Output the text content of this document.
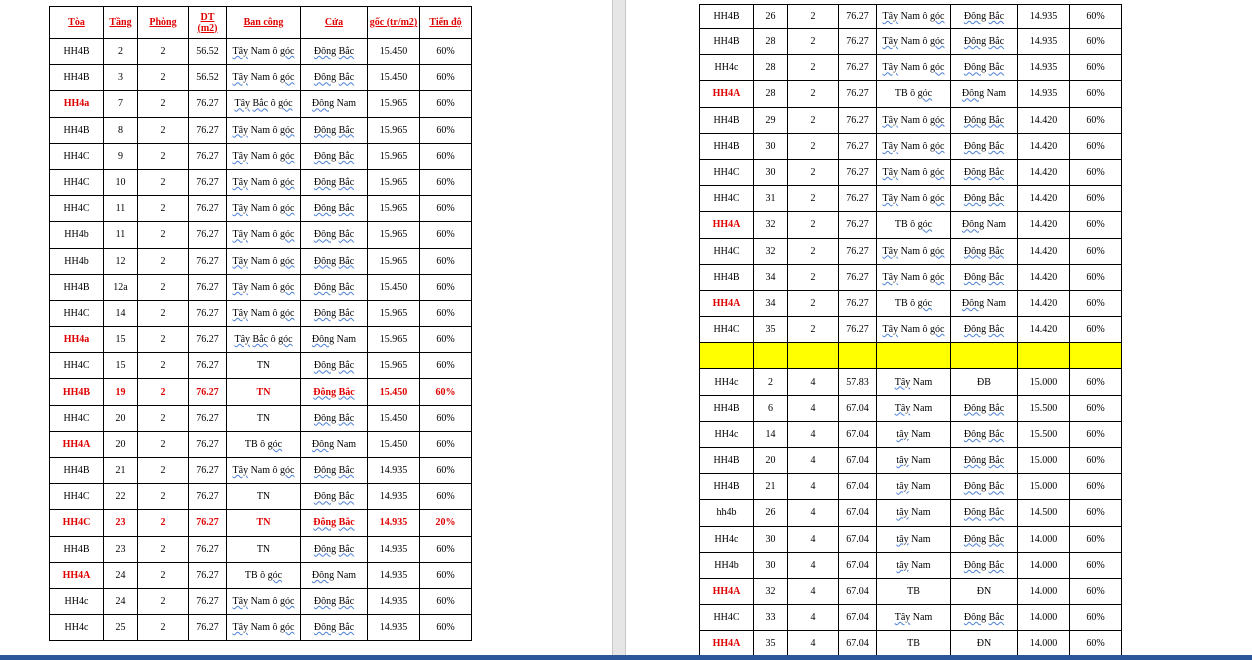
Tòa	Tầng	Phòng	DT (m2)	Ban công	Cửa	gốc (tr/m2)	Tiến độ
HH4B	2	2	56.52	Tây Nam ô góc	Đông Bắc	15.450	60%
HH4B	3	2	56.52	Tây Nam ô góc	Đông Bắc	15.450	60%
HH4a	7	2	76.27	Tây Bắc ô góc	Đông Nam	15.965	60%
HH4B	8	2	76.27	Tây Nam ô góc	Đông Bắc	15.965	60%
HH4C	9	2	76.27	Tây Nam ô góc	Đông Bắc	15.965	60%
HH4C	10	2	76.27	Tây Nam ô góc	Đông Bắc	15.965	60%
HH4C	11	2	76.27	Tây Nam ô góc	Đông Bắc	15.965	60%
HH4b	11	2	76.27	Tây Nam ô góc	Đông Bắc	15.965	60%
HH4b	12	2	76.27	Tây Nam ô góc	Đông Bắc	15.965	60%
HH4B	12a	2	76.27	Tây Nam ô góc	Đông Bắc	15.450	60%
HH4C	14	2	76.27	Tây Nam ô góc	Đông Bắc	15.965	60%
HH4a	15	2	76.27	Tây Bắc ô góc	Đông Nam	15.965	60%
HH4C	15	2	76.27	TN	Đông Bắc	15.965	60%
HH4B	19	2	76.27	TN	Đông Bắc	15.450	60%
HH4C	20	2	76.27	TN	Đông Bắc	15.450	60%
HH4A	20	2	76.27	TB ô góc	Đông Nam	15.450	60%
HH4B	21	2	76.27	Tây Nam ô góc	Đông Bắc	14.935	60%
HH4C	22	2	76.27	TN	Đông Bắc	14.935	60%
HH4C	23	2	76.27	TN	Đông Bắc	14.935	20%
HH4B	23	2	76.27	TN	Đông Bắc	14.935	60%
HH4A	24	2	76.27	TB ô góc	Đông Nam	14.935	60%
HH4c	24	2	76.27	Tây Nam ô góc	Đông Bắc	14.935	60%
HH4c	25	2	76.27	Tây Nam ô góc	Đông Bắc	14.935	60%
HH4B	26	2	76.27	Tây Nam ô góc	Đông Bắc	14.935	60%
HH4B	28	2	76.27	Tây Nam ô góc	Đông Bắc	14.935	60%
HH4c	28	2	76.27	Tây Nam ô góc	Đông Bắc	14.935	60%
HH4A	28	2	76.27	TB ô góc	Đông Nam	14.935	60%
HH4B	29	2	76.27	Tây Nam ô góc	Đông Bắc	14.420	60%
HH4B	30	2	76.27	Tây Nam ô góc	Đông Bắc	14.420	60%
HH4C	30	2	76.27	Tây Nam ô góc	Đông Bắc	14.420	60%
HH4C	31	2	76.27	Tây Nam ô góc	Đông Bắc	14.420	60%
HH4A	32	2	76.27	TB ô góc	Đông Nam	14.420	60%
HH4C	32	2	76.27	Tây Nam ô góc	Đông Bắc	14.420	60%
HH4B	34	2	76.27	Tây Nam ô góc	Đông Bắc	14.420	60%
HH4A	34	2	76.27	TB ô góc	Đông Nam	14.420	60%
HH4C	35	2	76.27	Tây Nam ô góc	Đông Bắc	14.420	60%

HH4c	2	4	57.83	Tây Nam	ĐB	15.000	60%
HH4B	6	4	67.04	Tây Nam	Đông Bắc	15.500	60%
HH4c	14	4	67.04	tây Nam	Đông Bắc	15.500	60%
HH4B	20	4	67.04	tây Nam	Đông Bắc	15.000	60%
HH4B	21	4	67.04	tây Nam	Đông Bắc	15.000	60%
hh4b	26	4	67.04	tây Nam	Đông Bắc	14.500	60%
HH4c	30	4	67.04	tây Nam	Đông Bắc	14.000	60%
HH4b	30	4	67.04	tây Nam	Đông Bắc	14.000	60%
HH4A	32	4	67.04	TB	ĐN	14.000	60%
HH4C	33	4	67.04	Tây Nam	Đông Bắc	14.000	60%
HH4A	35	4	67.04	TB	ĐN	14.000	60%
